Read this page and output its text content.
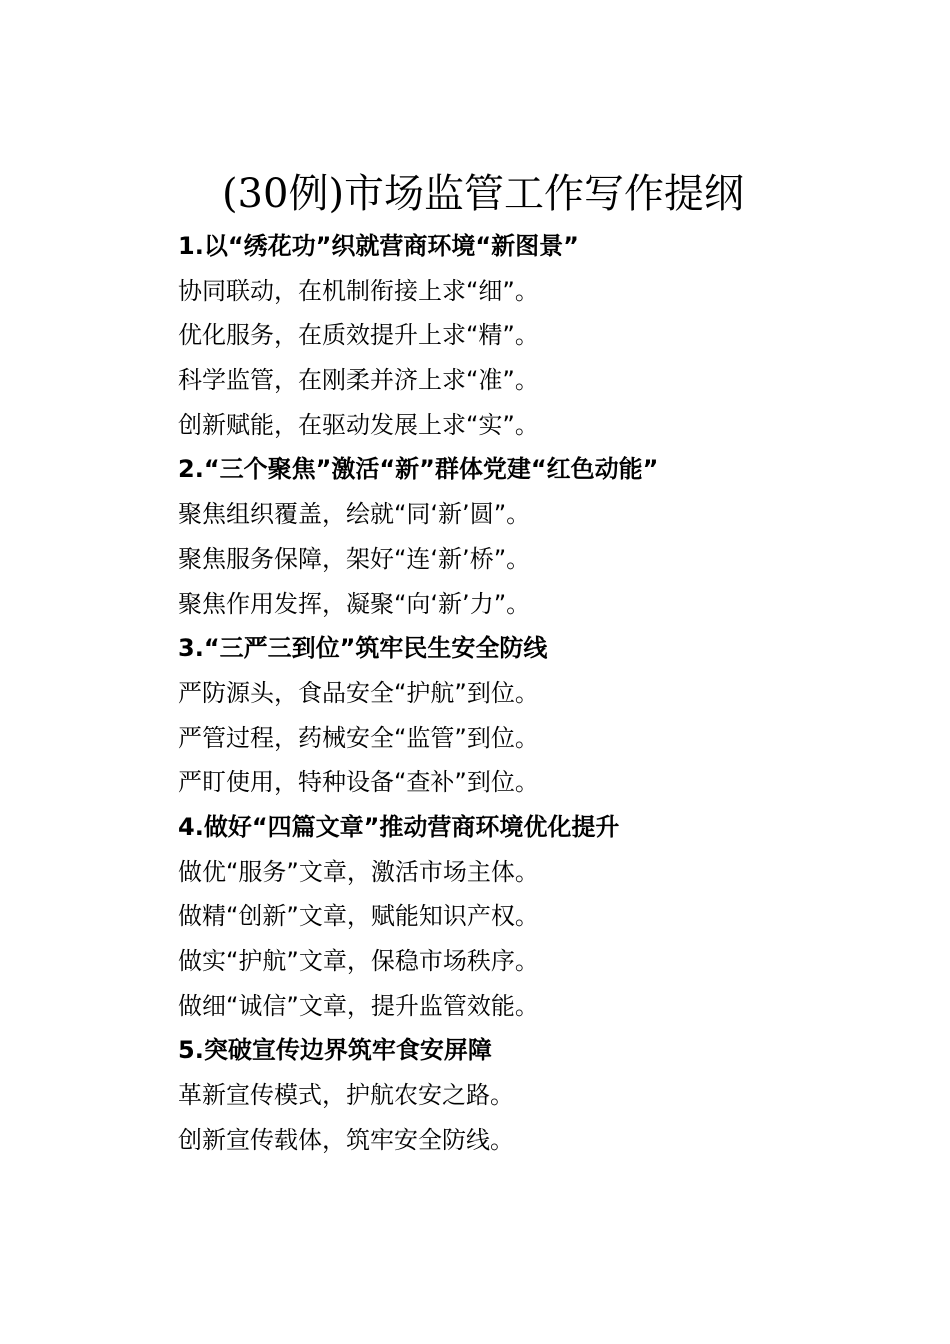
(30例)市场监管工作写作提纲
1.以“绣花功”织就营商环境“新图景”
协同联动，在机制衔接上求“细”。
优化服务，在质效提升上求“精”。
科学监管，在刚柔并济上求“准”。
创新赋能，在驱动发展上求“实”。
2.“三个聚焦”激活“新”群体党建“红色动能”
聚焦组织覆盖，绘就“同‘新’圆”。
聚焦服务保障，架好“连‘新’桥”。
聚焦作用发挥，凝聚“向‘新’力”。
3.“三严三到位”筑牢民生安全防线
严防源头，食品安全“护航”到位。
严管过程，药械安全“监管”到位。
严盯使用，特种设备“查补”到位。
4.做好“四篇文章”推动营商环境优化提升
做优“服务”文章，激活市场主体。
做精“创新”文章，赋能知识产权。
做实“护航”文章，保稳市场秩序。
做细“诚信”文章，提升监管效能。
5.突破宣传边界筑牢食安屏障
革新宣传模式，护航农安之路。
创新宣传载体，筑牢安全防线。
